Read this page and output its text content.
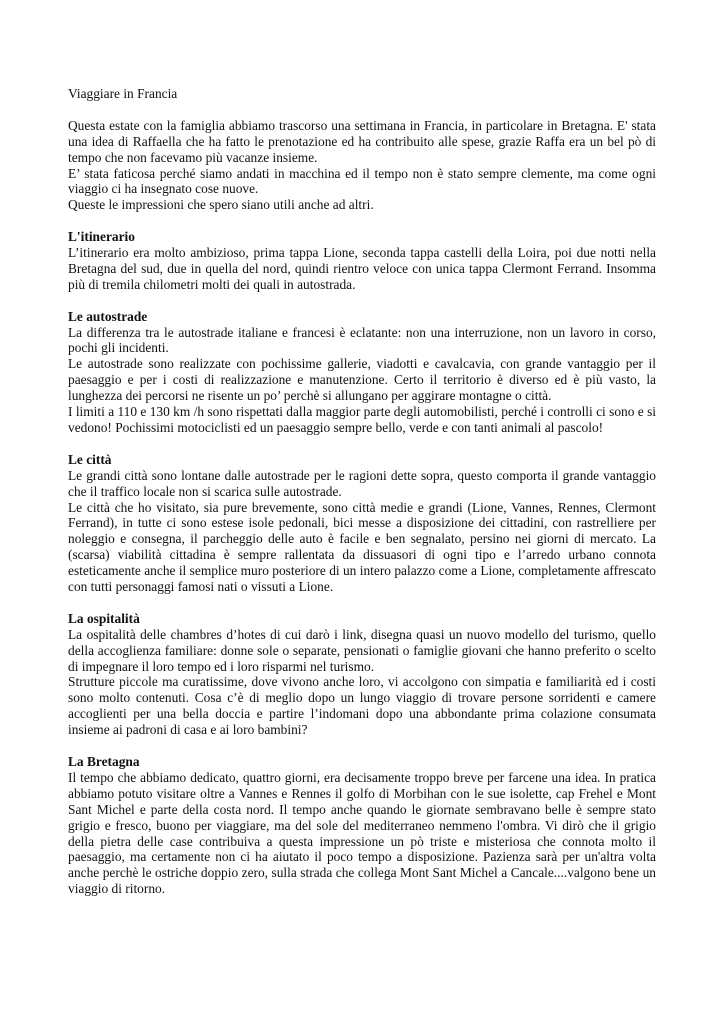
Viaggiare in Francia

Questa estate con la famiglia abbiamo trascorso una settimana in Francia, in particolare in Bretagna. E' stata una idea di Raffaella che ha fatto le prenotazione ed ha contribuito alle spese, grazie Raffa era un bel pò di tempo che non facevamo più vacanze insieme.

E’ stata faticosa perché siamo andati in macchina ed il tempo non è stato sempre clemente, ma come ogni viaggio ci ha insegnato cose nuove.

Queste le impressioni che spero siano utili anche ad altri.

L'itinerario

L’itinerario era molto ambizioso, prima tappa Lione, seconda tappa castelli della Loira, poi due notti nella Bretagna del sud, due in quella del nord, quindi rientro veloce con unica tappa Clermont Ferrand. Insomma più di tremila chilometri molti dei quali in autostrada.

Le autostrade

La differenza tra le autostrade italiane e francesi è eclatante: non una interruzione, non un lavoro in corso, pochi gli incidenti.

Le autostrade sono realizzate con pochissime gallerie, viadotti e cavalcavia, con grande vantaggio per il paesaggio e per i costi di realizzazione e manutenzione. Certo il territorio è diverso ed è più vasto, la lunghezza dei percorsi ne risente un po’ perchè si allungano per aggirare montagne o città.

I limiti a 110 e 130 km /h sono rispettati dalla maggior parte degli automobilisti, perché i controlli ci sono e si vedono! Pochissimi motociclisti ed un paesaggio sempre bello, verde e con tanti animali al pascolo!

Le città

Le grandi città sono lontane dalle autostrade per le ragioni dette sopra, questo comporta il grande vantaggio che il traffico locale non si scarica sulle autostrade.

Le città che ho visitato, sia pure brevemente, sono città medie e grandi (Lione, Vannes, Rennes, Clermont Ferrand), in tutte ci sono estese isole pedonali, bici messe a disposizione dei cittadini, con rastrelliere per noleggio e consegna, il parcheggio delle auto è facile e ben segnalato, persino nei giorni di mercato. La (scarsa) viabilità cittadina è sempre rallentata da dissuasori di ogni tipo e l’arredo urbano connota esteticamente anche il semplice muro posteriore di un intero palazzo come a Lione, completamente affrescato con tutti personaggi famosi nati o vissuti a Lione.

La ospitalità

La ospitalità delle chambres d’hotes di cui darò i link, disegna quasi un nuovo modello del turismo, quello della accoglienza familiare: donne sole o separate, pensionati o famiglie giovani che hanno preferito o scelto di impegnare il loro tempo ed i loro risparmi nel turismo.

Strutture piccole ma curatissime, dove vivono anche loro, vi accolgono con simpatia e familiarità ed i costi sono molto contenuti. Cosa c’è di meglio dopo un lungo viaggio di trovare persone sorridenti e camere accoglienti per una bella doccia e partire l’indomani dopo una abbondante prima colazione consumata insieme ai padroni di casa e ai loro bambini?

La Bretagna

Il tempo che abbiamo dedicato, quattro giorni, era decisamente troppo breve per farcene una idea. In pratica abbiamo potuto visitare oltre a Vannes e Rennes il golfo di Morbihan con le sue isolette, cap Frehel e Mont Sant Michel e parte della costa nord. Il tempo anche quando le giornate sembravano belle è sempre stato grigio e fresco, buono per viaggiare, ma del sole del mediterraneo nemmeno l'ombra. Vi dirò che il grigio della pietra delle case contribuiva a questa impressione un pò triste e misteriosa che connota molto il paesaggio, ma certamente non ci ha aiutato il poco tempo a disposizione. Pazienza sarà per un'altra volta anche perchè le ostriche doppio zero, sulla strada che collega Mont Sant Michel a Cancale....valgono bene un viaggio di ritorno.
